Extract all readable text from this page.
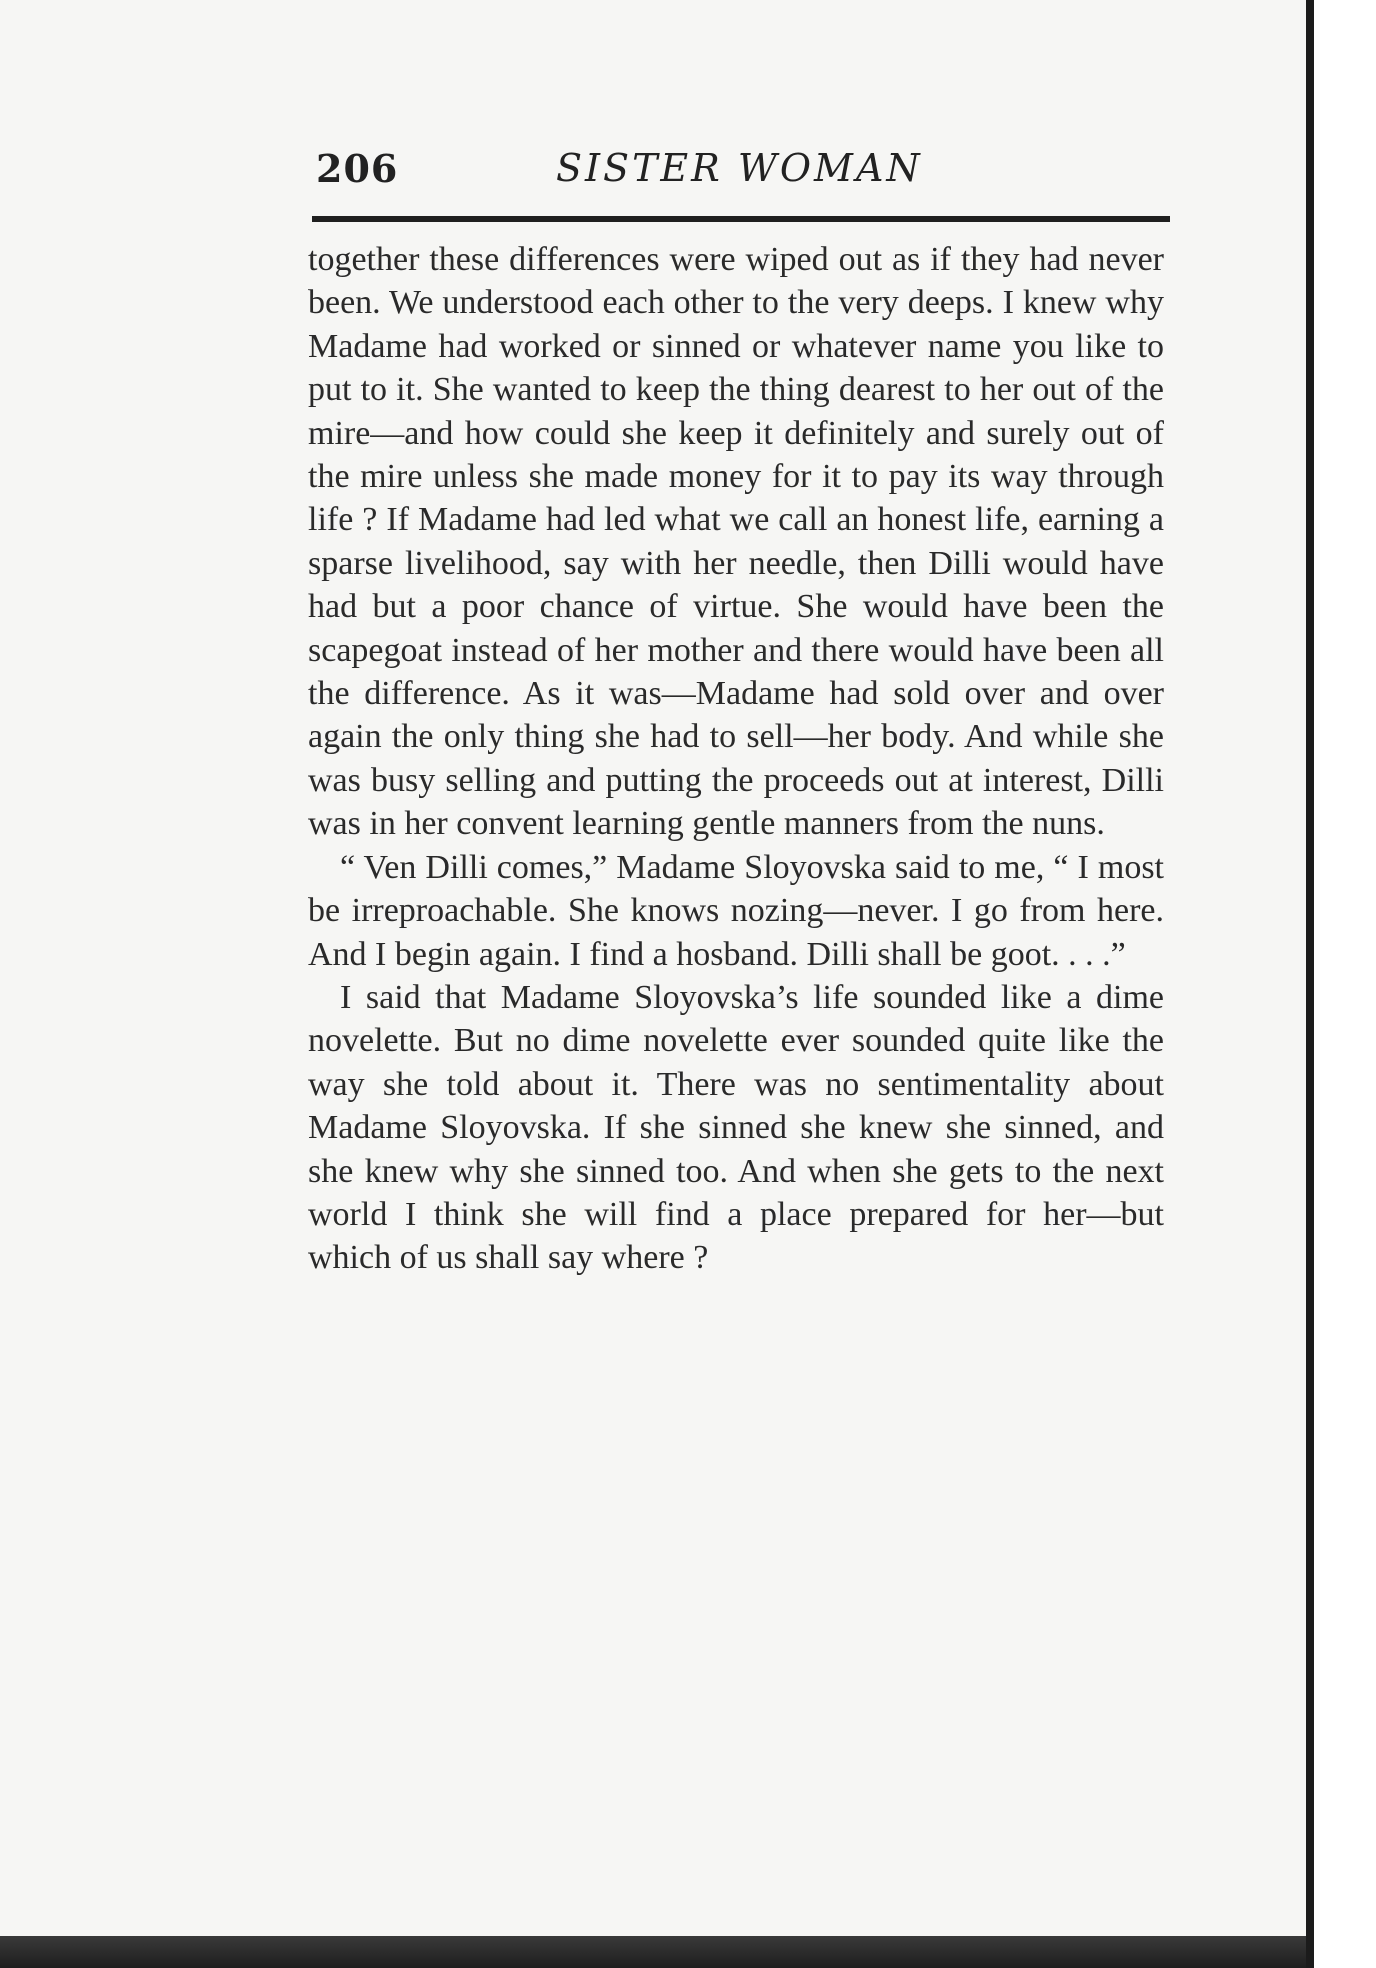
206	SISTER WOMAN

together these differences were wiped out as if they had never been. We understood each other to the very deeps. I knew why Madame had worked or sinned or whatever name you like to put to it. She wanted to keep the thing dearest to her out of the mire—and how could she keep it definitely and surely out of the mire unless she made money for it to pay its way through life ? If Madame had led what we call an honest life, earning a sparse livelihood, say with her needle, then Dilli would have had but a poor chance of virtue. She would have been the scapegoat instead of her mother and there would have been all the difference. As it was—Madame had sold over and over again the only thing she had to sell—her body. And while she was busy selling and putting the proceeds out at interest, Dilli was in her convent learning gentle manners from the nuns.

“ Ven Dilli comes,” Madame Sloyovska said to me, “ I most be irreproachable. She knows nozing—never. I go from here. And I begin again. I find a hosband. Dilli shall be goot. . . .”

I said that Madame Sloyovska’s life sounded like a dime novelette. But no dime novelette ever sounded quite like the way she told about it. There was no sentimentality about Madame Sloyovska. If she sinned she knew she sinned, and she knew why she sinned too. And when she gets to the next world I think she will find a place prepared for her—but which of us shall say where ?
